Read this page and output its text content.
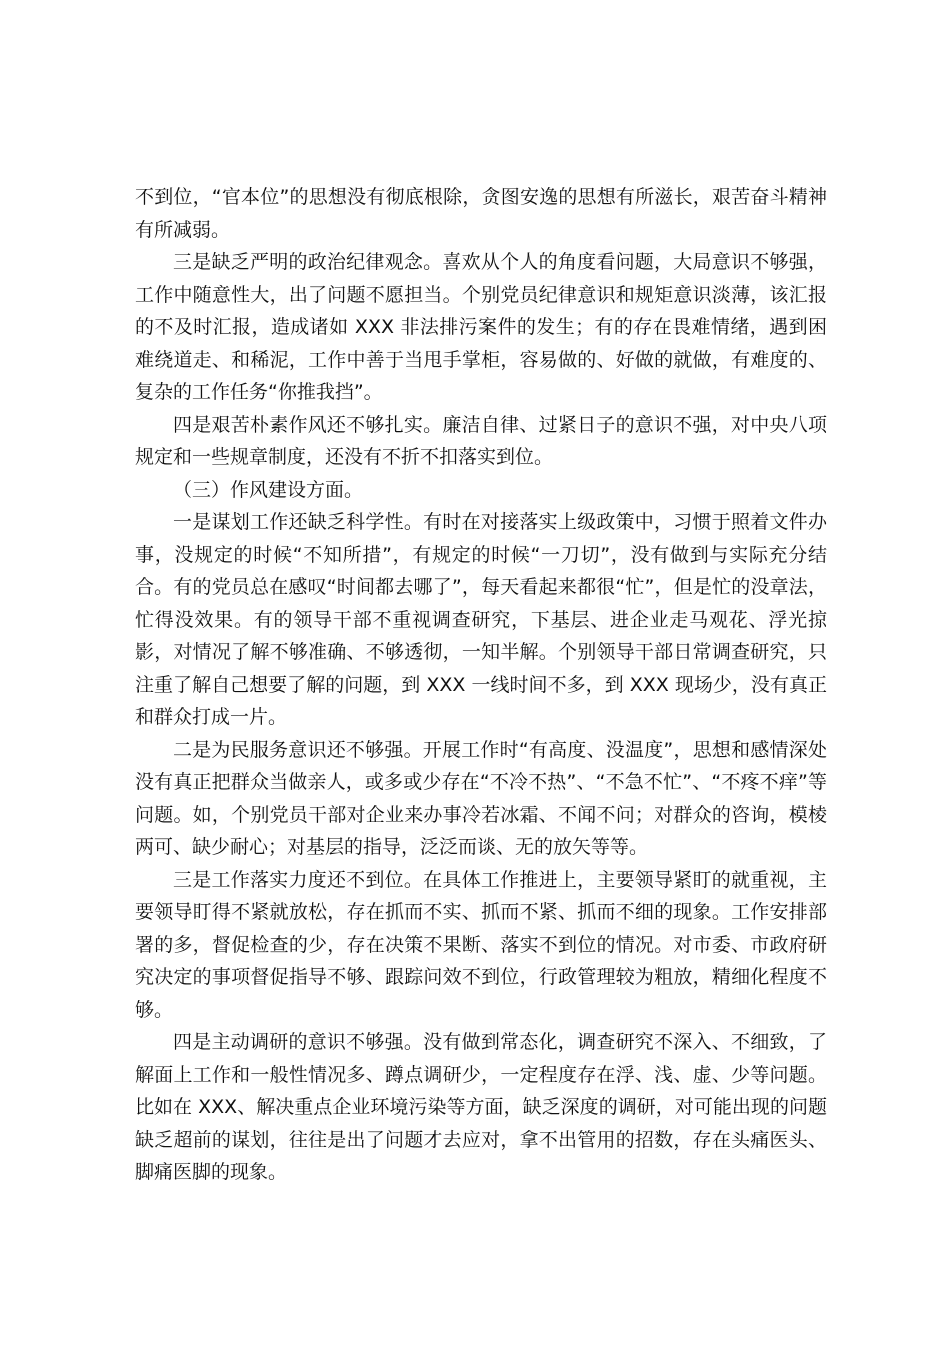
不到位，“官本位”的思想没有彻底根除，贪图安逸的思想有所滋长，艰苦奋斗精神有所减弱。

三是缺乏严明的政治纪律观念。喜欢从个人的角度看问题，大局意识不够强，工作中随意性大，出了问题不愿担当。个别党员纪律意识和规矩意识淡薄，该汇报的不及时汇报，造成诸如 XXX 非法排污案件的发生；有的存在畏难情绪，遇到困难绕道走、和稀泥，工作中善于当甩手掌柜，容易做的、好做的就做，有难度的、复杂的工作任务“你推我挡”。

四是艰苦朴素作风还不够扎实。廉洁自律、过紧日子的意识不强，对中央八项规定和一些规章制度，还没有不折不扣落实到位。

（三）作风建设方面。

一是谋划工作还缺乏科学性。有时在对接落实上级政策中，习惯于照着文件办事，没规定的时候“不知所措”，有规定的时候“一刀切”，没有做到与实际充分结合。有的党员总在感叹“时间都去哪了”，每天看起来都很“忙”，但是忙的没章法，忙得没效果。有的领导干部不重视调查研究，下基层、进企业走马观花、浮光掠影，对情况了解不够准确、不够透彻，一知半解。个别领导干部日常调查研究，只注重了解自己想要了解的问题，到 XXX 一线时间不多，到 XXX 现场少，没有真正和群众打成一片。

二是为民服务意识还不够强。开展工作时“有高度、没温度”，思想和感情深处没有真正把群众当做亲人，或多或少存在“不冷不热”、“不急不忙”、“不疼不痒”等问题。如，个别党员干部对企业来办事冷若冰霜、不闻不问；对群众的咨询，模棱两可、缺少耐心；对基层的指导，泛泛而谈、无的放矢等等。

三是工作落实力度还不到位。在具体工作推进上，主要领导紧盯的就重视，主要领导盯得不紧就放松，存在抓而不实、抓而不紧、抓而不细的现象。工作安排部署的多，督促检查的少，存在决策不果断、落实不到位的情况。对市委、市政府研究决定的事项督促指导不够、跟踪问效不到位，行政管理较为粗放，精细化程度不够。

四是主动调研的意识不够强。没有做到常态化，调查研究不深入、不细致，了解面上工作和一般性情况多、蹲点调研少，一定程度存在浮、浅、虚、少等问题。比如在 XXX、解决重点企业环境污染等方面，缺乏深度的调研，对可能出现的问题缺乏超前的谋划，往往是出了问题才去应对，拿不出管用的招数，存在头痛医头、脚痛医脚的现象。
